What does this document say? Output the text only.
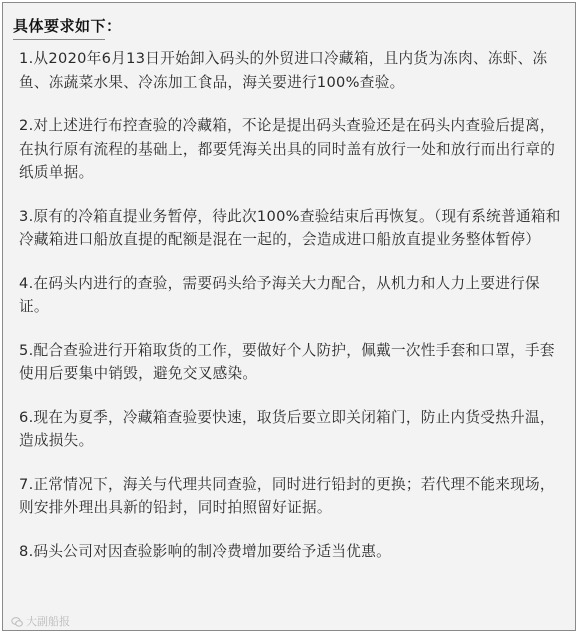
具体要求如下：
1.从2020年6月13日开始卸入码头的外贸进口冷藏箱，且内货为冻肉、冻虾、冻鱼、冻蔬菜水果、冷冻加工食品，海关要进行100%查验。
2.对上述进行布控查验的冷藏箱，不论是提出码头查验还是在码头内查验后提离，在执行原有流程的基础上，都要凭海关出具的同时盖有放行一处和放行而出行章的纸质单据。
3.原有的冷箱直提业务暂停，待此次100%查验结束后再恢复。（现有系统普通箱和冷藏箱进口船放直提的配额是混在一起的，会造成进口船放直提业务整体暂停）
4.在码头内进行的查验，需要码头给予海关大力配合，从机力和人力上要进行保证。
5.配合查验进行开箱取货的工作，要做好个人防护，佩戴一次性手套和口罩，手套使用后要集中销毁，避免交叉感染。
6.现在为夏季，冷藏箱查验要快速，取货后要立即关闭箱门，防止内货受热升温，造成损失。
7.正常情况下，海关与代理共同查验，同时进行铅封的更换；若代理不能来现场，则安排外理出具新的铅封，同时拍照留好证据。
8.码头公司对因查验影响的制冷费增加要给予适当优惠。
大副船报
